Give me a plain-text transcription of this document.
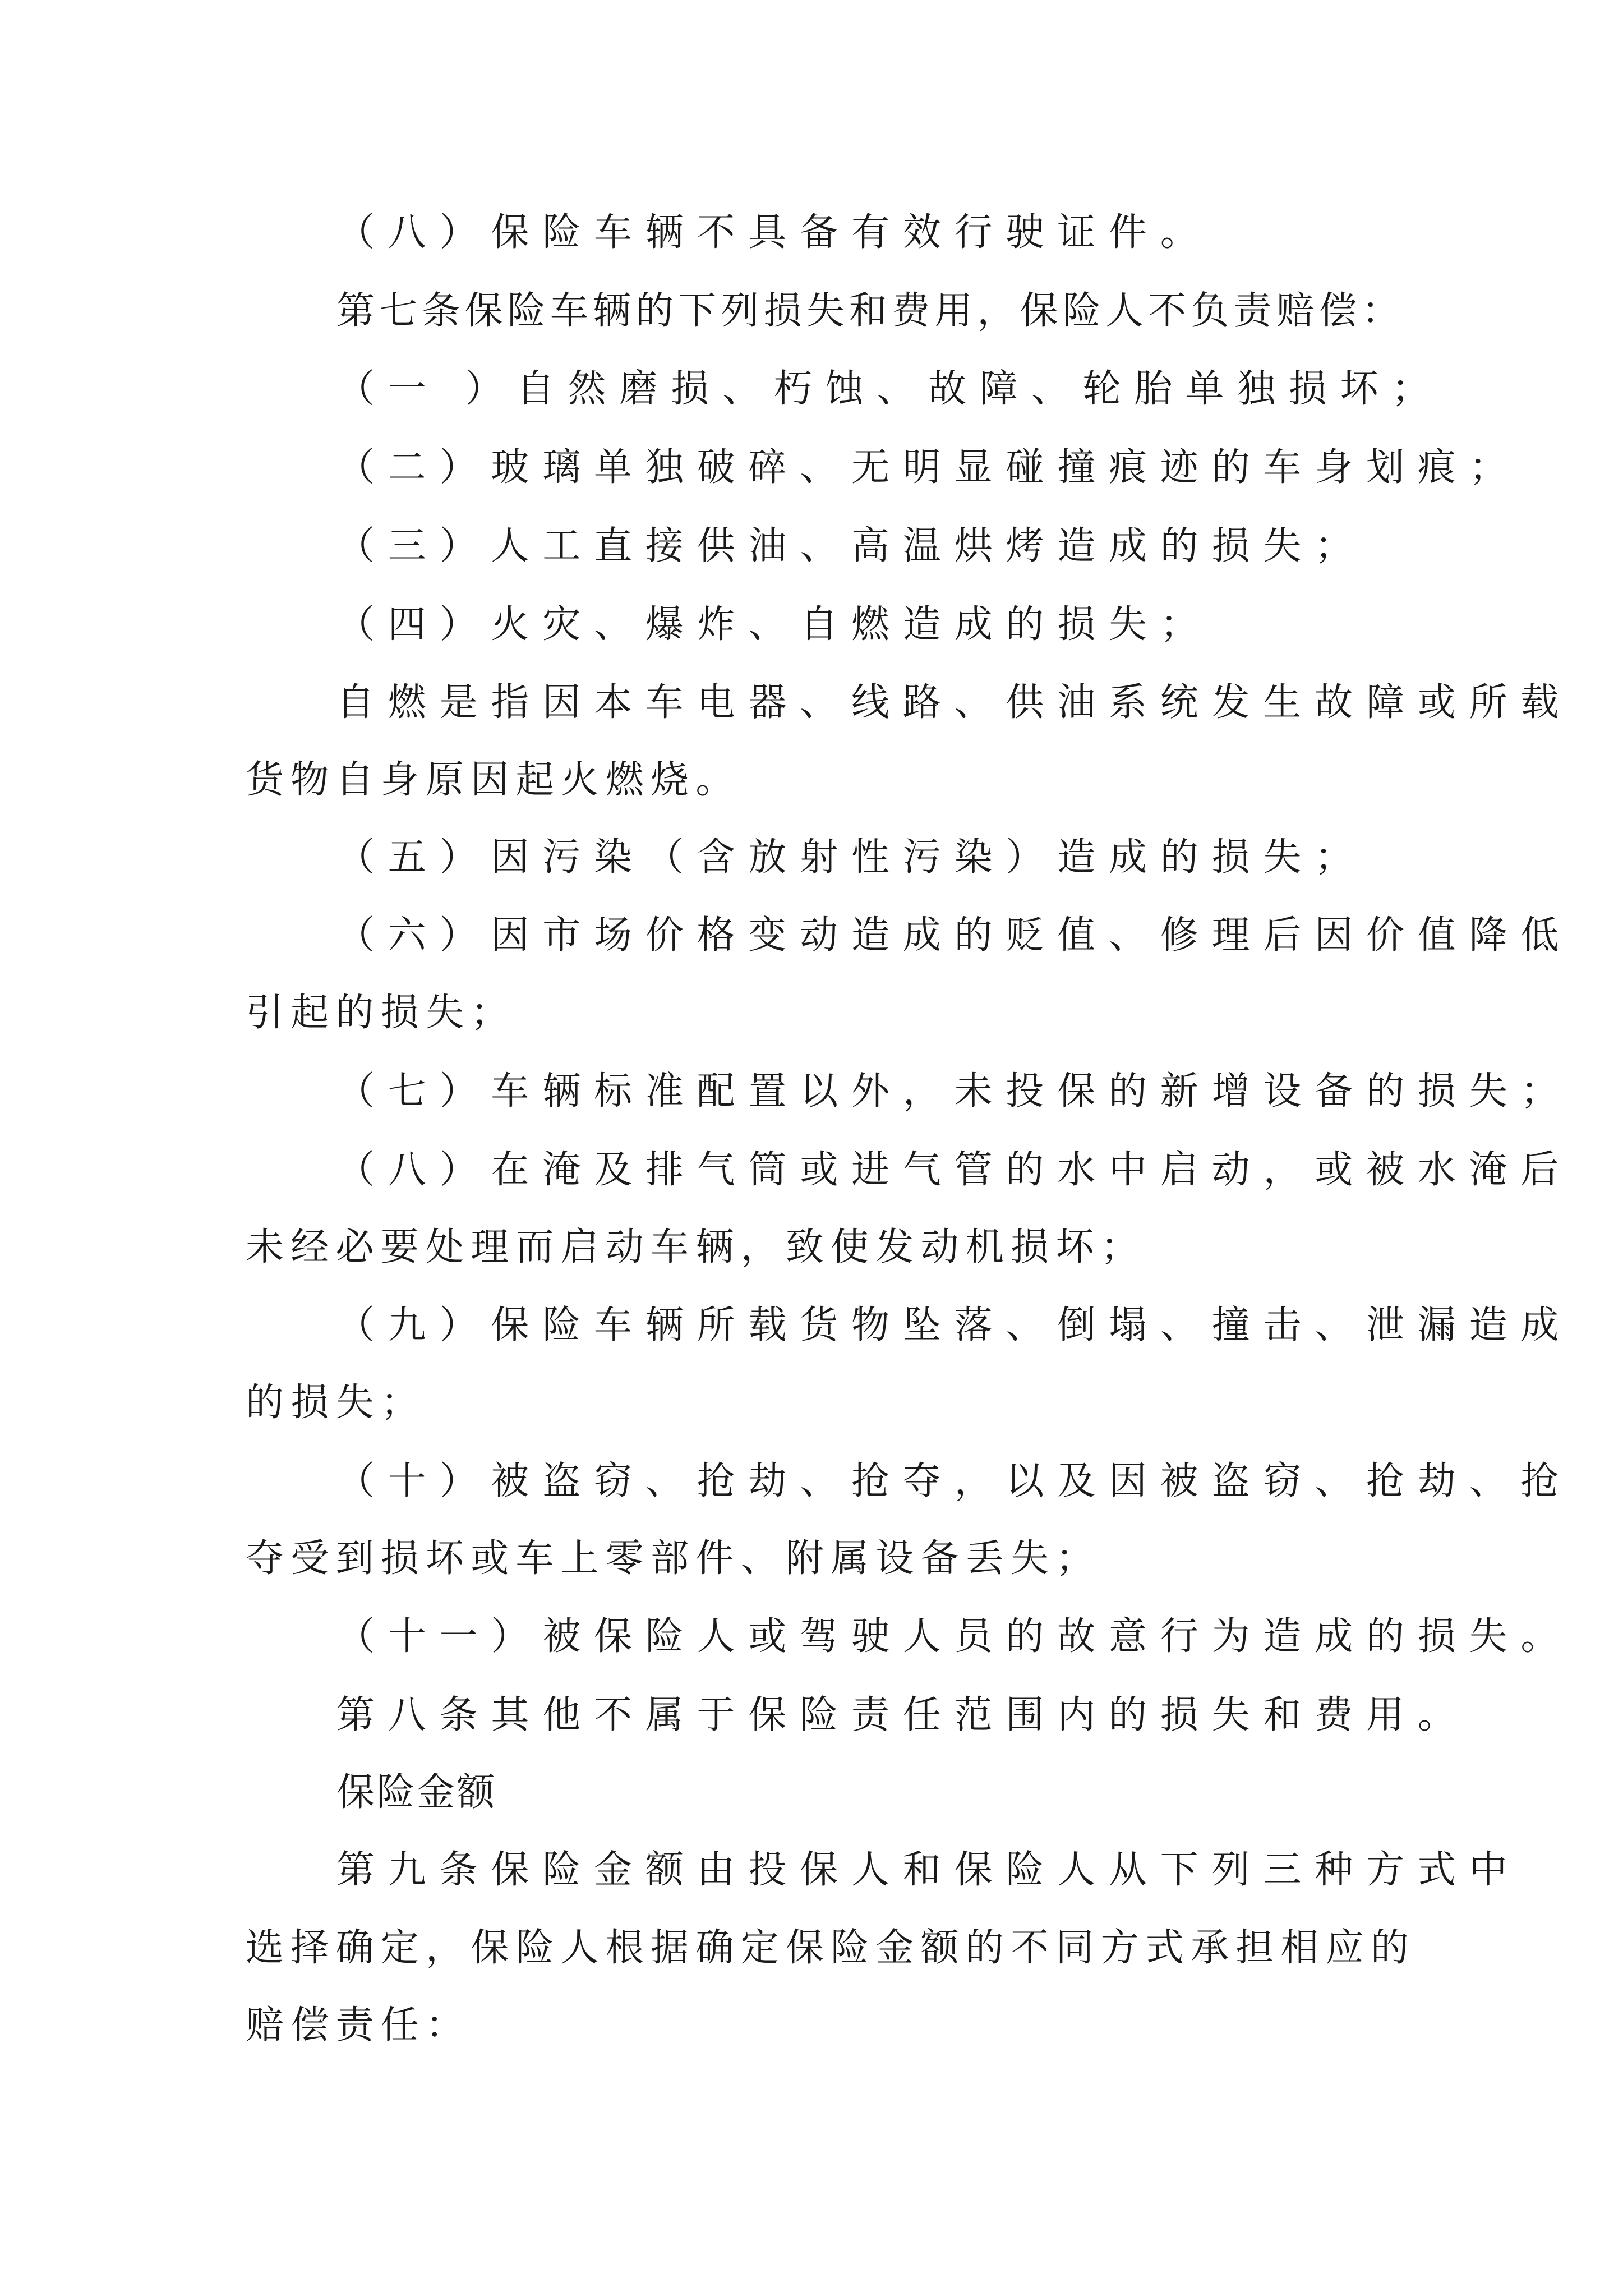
（八）保险车辆不具备有效行驶证件。
第七条保险车辆的下列损失和费用，保险人不负责赔偿：
（一 ）自然磨损、朽蚀、故障、轮胎单独损坏；
（二）玻璃单独破碎、无明显碰撞痕迹的车身划痕；
（三）人工直接供油、高温烘烤造成的损失；
（四）火灾、爆炸、自燃造成的损失；
自燃是指因本车电器、线路、供油系统发生故障或所载
货物自身原因起火燃烧。
（五）因污染（含放射性污染）造成的损失；
（六）因市场价格变动造成的贬值、修理后因价值降低
引起的损失；
（七）车辆标准配置以外，未投保的新增设备的损失；
（八）在淹及排气筒或进气管的水中启动，或被水淹后
未经必要处理而启动车辆，致使发动机损坏；
（九）保险车辆所载货物坠落、倒塌、撞击、泄漏造成
的损失；
（十）被盗窃、抢劫、抢夺，以及因被盗窃、抢劫、抢
夺受到损坏或车上零部件、附属设备丢失；
（十一）被保险人或驾驶人员的故意行为造成的损失。
第八条其他不属于保险责任范围内的损失和费用。
保险金额
第九条保险金额由投保人和保险人从下列三种方式中
选择确定，保险人根据确定保险金额的不同方式承担相应的
赔偿责任：
